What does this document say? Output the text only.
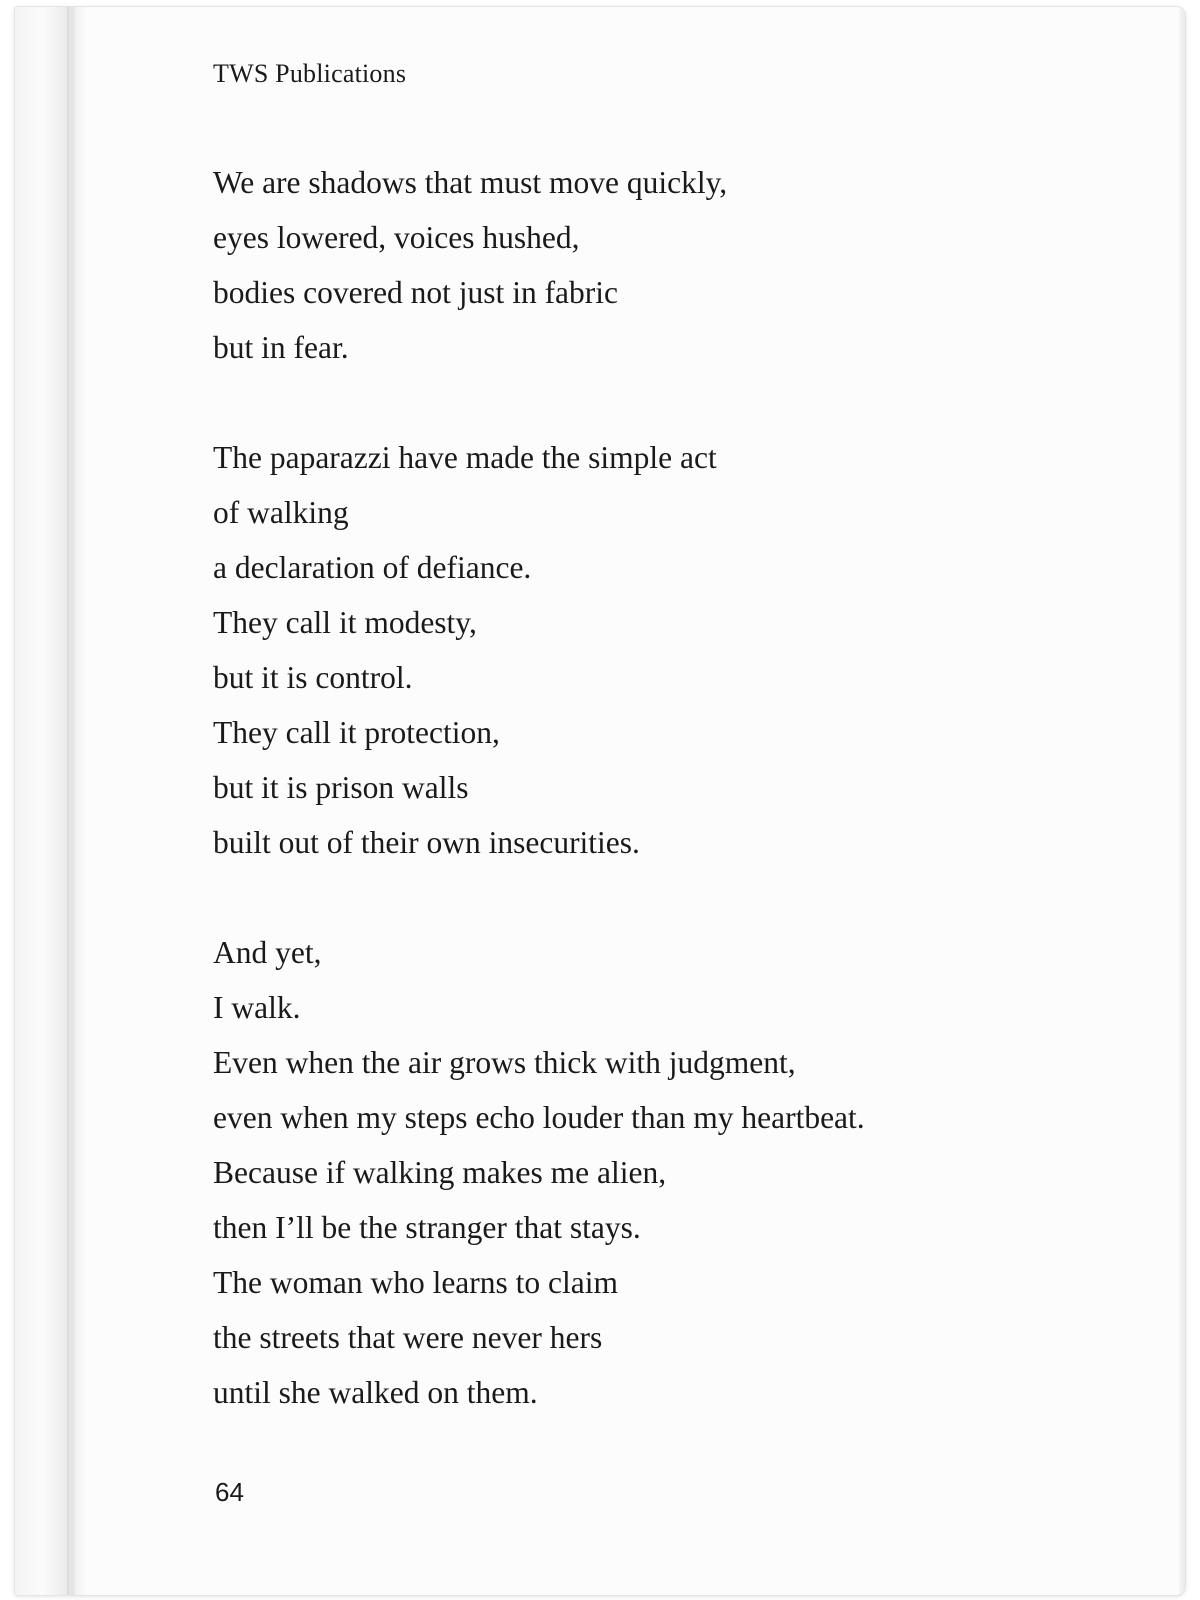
TWS Publications
We are shadows that must move quickly,
eyes lowered, voices hushed,
bodies covered not just in fabric
but in fear.
The paparazzi have made the simple act
of walking
a declaration of defiance.
They call it modesty,
but it is control.
They call it protection,
but it is prison walls
built out of their own insecurities.
And yet,
I walk.
Even when the air grows thick with judgment,
even when my steps echo louder than my heartbeat.
Because if walking makes me alien,
then I’ll be the stranger that stays.
The woman who learns to claim
the streets that were never hers
until she walked on them.
64
